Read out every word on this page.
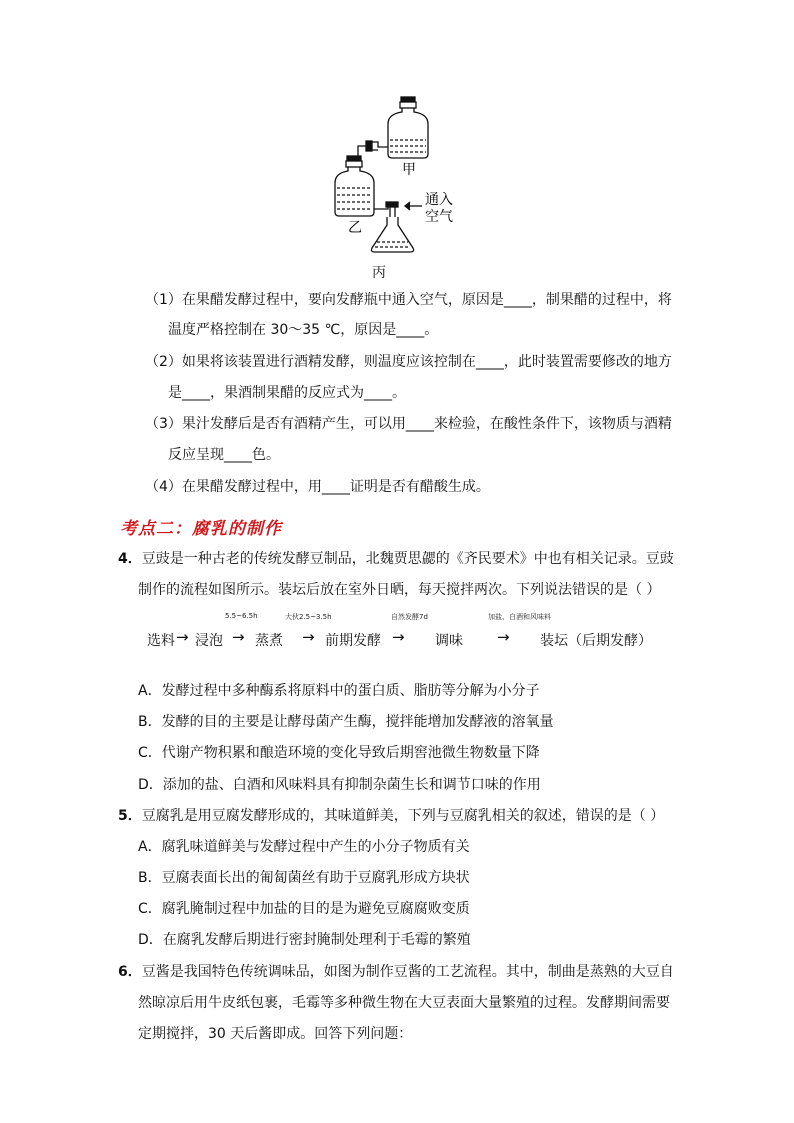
甲
乙
通入
空气
丙
（1）在果醋发酵过程中，要向发酵瓶中通入空气，原因是____，制果醋的过程中，将
温度严格控制在 30～35 ℃，原因是____。
（2）如果将该装置进行酒精发酵，则温度应该控制在____，此时装置需要修改的地方
是____，果酒制果醋的反应式为____。
（3）果汁发酵后是否有酒精产生，可以用____来检验，在酸性条件下，该物质与酒精
反应呈现____色。
（4）在果醋发酵过程中，用____证明是否有醋酸生成。
考点二：腐乳的制作
4．豆豉是一种古老的传统发酵豆制品，北魏贾思勰的《齐民要术》中也有相关记录。豆豉
制作的流程如图所示。装坛后放在室外日晒，每天搅拌两次。下列说法错误的是（ ）
选料 → 浸泡
5.5~6.5h
→ 蒸煮
大伙2.5~3.5h
→ 前期发酵
自然发酵7d
→ 调味
加盐、白酒和风味料
→ 装坛（后期发酵）
A．发酵过程中多种酶系将原料中的蛋白质、脂肪等分解为小分子
B．发酵的目的主要是让酵母菌产生酶，搅拌能增加发酵液的溶氧量
C．代谢产物积累和酿造环境的变化导致后期窖池微生物数量下降
D．添加的盐、白酒和风味料具有抑制杂菌生长和调节口味的作用
5．豆腐乳是用豆腐发酵形成的，其味道鲜美，下列与豆腐乳相关的叙述，错误的是（ ）
A．腐乳味道鲜美与发酵过程中产生的小分子物质有关
B．豆腐表面长出的匍匐菌丝有助于豆腐乳形成方块状
C．腐乳腌制过程中加盐的目的是为避免豆腐腐败变质
D．在腐乳发酵后期进行密封腌制处理利于毛霉的繁殖
6．豆酱是我国特色传统调味品，如图为制作豆酱的工艺流程。其中，制曲是蒸熟的大豆自
然晾凉后用牛皮纸包裹，毛霉等多种微生物在大豆表面大量繁殖的过程。发酵期间需要
定期搅拌，30 天后酱即成。回答下列问题：
